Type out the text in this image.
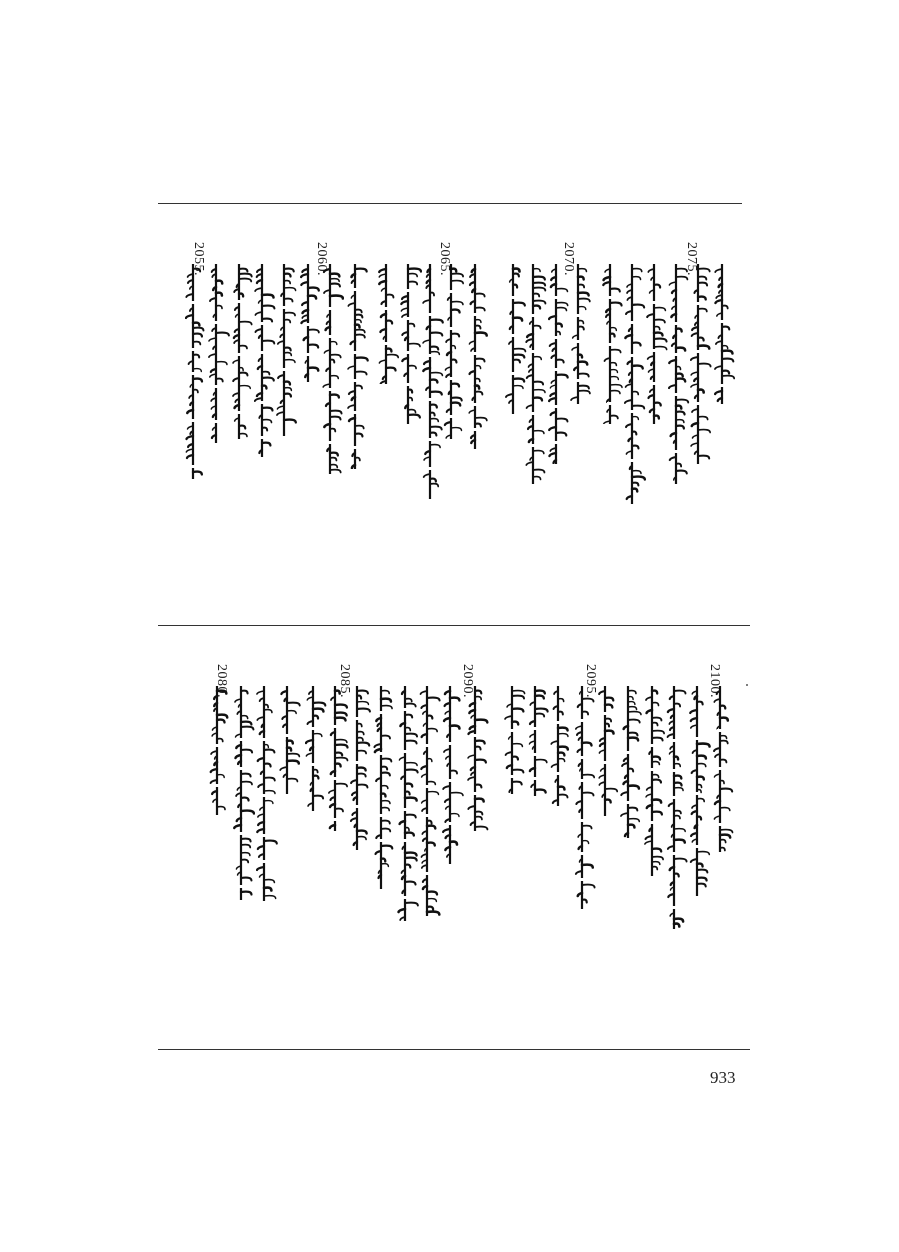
2075.
2070.
2065.
2060.
2055.
2100.
2095.
2090.
2085.
2080.
933
